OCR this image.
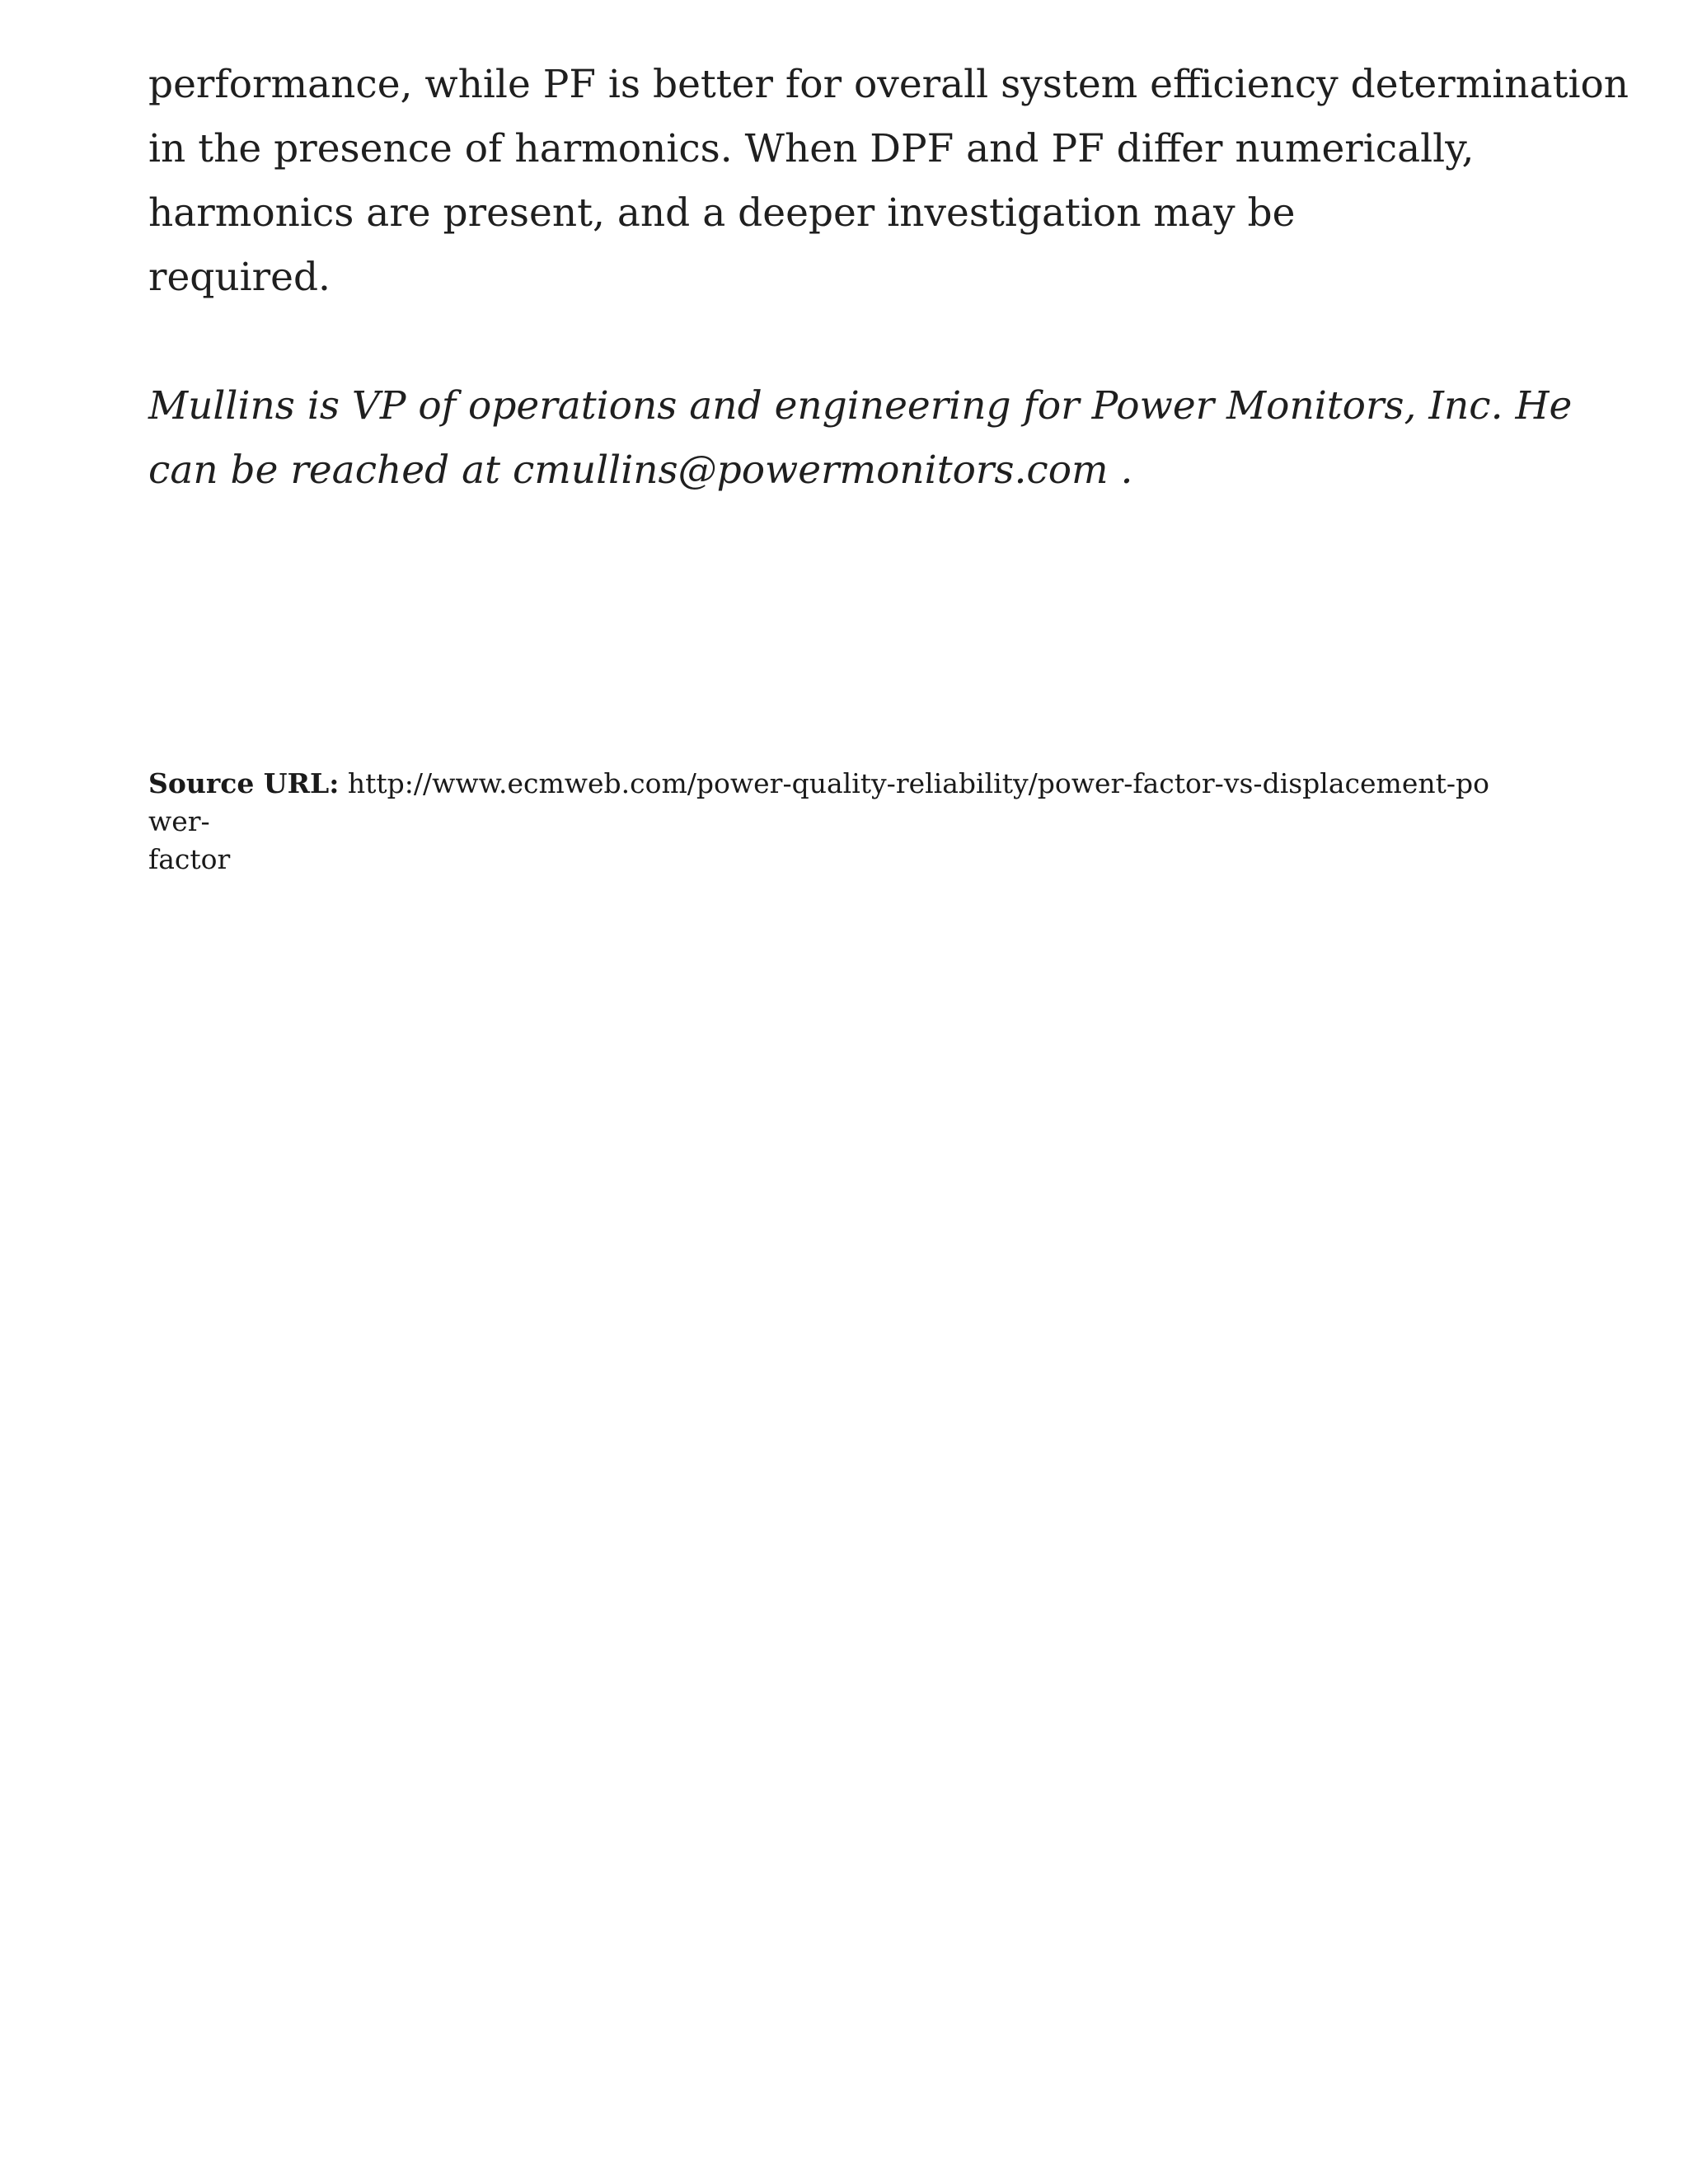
performance, while PF is better for overall system efficiency determination
in the presence of harmonics. When DPF and PF differ numerically,
harmonics are present, and a deeper investigation may be
required.

Mullins is VP of operations and engineering for Power Monitors, Inc. He
can be reached at cmullins@powermonitors.com .

Source URL: http://www.ecmweb.com/power-quality-reliability/power-factor-vs-displacement-power-
factor
